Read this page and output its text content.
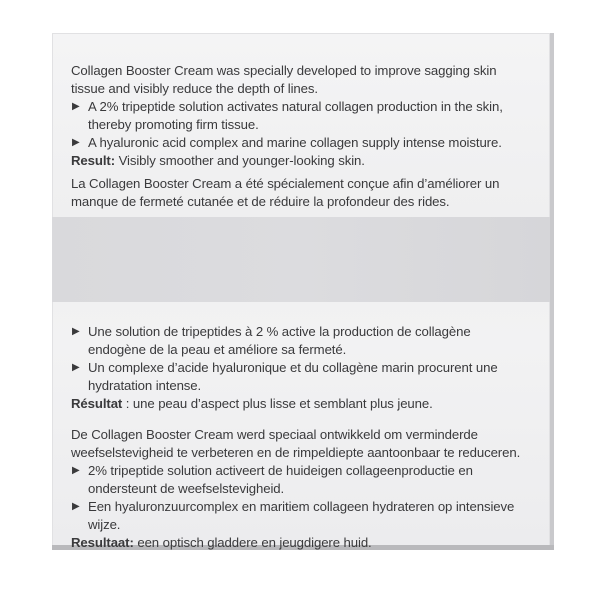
Collagen Booster Cream was specially developed to improve sagging skin tissue and visibly reduce the depth of lines.

▶ A 2% tripeptide solution activates natural collagen production in the skin, thereby promoting firm tissue.

▶ A hyaluronic acid complex and marine collagen supply intense moisture.

Result: Visibly smoother and younger-looking skin.

La Collagen Booster Cream a été spécialement conçue afin d’améliorer un manque de fermeté cutanée et de réduire la profondeur des rides.

▶ Une solution de tripeptides à 2 % active la production de collagène endogène de la peau et améliore sa fermeté.

▶ Un complexe d’acide hyaluronique et du collagène marin procurent une hydratation intense.

Résultat : une peau d’aspect plus lisse et semblant plus jeune.

De Collagen Booster Cream werd speciaal ontwikkeld om verminderde weefselstevigheid te verbeteren en de rimpeldiepte aantoonbaar te reduceren.

▶ 2% tripeptide solution activeert de huideigen collageenproductie en ondersteunt de weefselstevigheid.

▶ Een hyaluronzuurcomplex en maritiem collageen hydrateren op intensieve wijze.

Resultaat: een optisch gladdere en jeugdigere huid.
